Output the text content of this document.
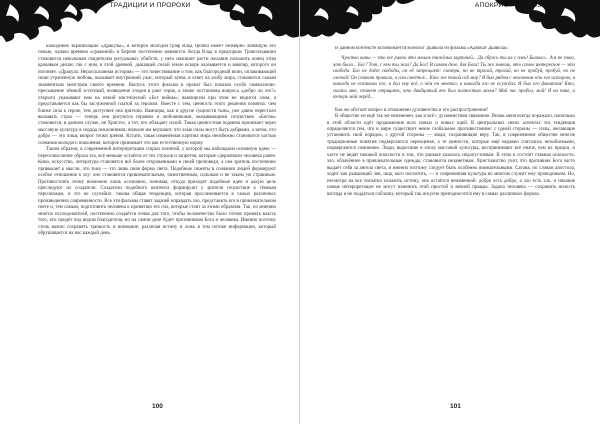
ТРАДИЦИИ И ПРОРОКИ

шокоднюю экранизацию «Дракулы», в которой молодой граф Влад Цепеш имеет безмерно любящую его семью, однако времена «сражений» в Европе постепенно меняются. Когда Влад в предгорьях Трансильвании становится невольным свидетелем ритуальных убийств, у него начинает расти желание положить конец этим кровавым делам; так с ним, в этой древней, дышащей силой земле вскоре оказывается и вампир, которого он изгоняет. «Дракула: Нерассказанная история» — это повествование о том, как благородный воин, оплакивающий свою утраченную любовь, вызывает внутренний ужас, который затем, в ответ на злобу мира, становится самым знаменитым монстром своего времени. Выпуск этого фильма в прокат был показан особо символично: пресыщение тёмной эстетикой, возведение злодея в ранг героя, а также постановка вопроса «добро ли это?» открыто указывают нам на некий мистический «Бог войны»; вампиризм при этом не видится злом, а представляется как бы заслуженной платой за героизм. Вместе с тем, ценность этого решения понятна: чем ближе сила к герою, тем доступнее она зрителю. Вампиры, как и другие сущности тьмы, уже давно перестали вызывать страх — теперь они рисуются героями и любовниками, вызывающими сочувствие. «Богом» становится, в данном случае, не Христос, а тот, кто обладает силой. Такая ценностная подмена проникает через массовую культуру в сердца поклонников; вначале им внушают, что злые силы могут быть добрыми, а затем, что добро — это лишь вопрос точки зрения. Кстати, такая изменённая картина мира неизбежно становится частью сознания молодого поколения, которое принимает это как естественную норму.

Таким образом, в современной интерпретации старых понятий, у которой мы наблюдаем основную идею — переосмысление образа зла, всё меньше остаётся от тех страхов и запретов, которые сдерживали человека ранее. Кино, искусство, литература становятся всё более откровенными в своей проповеди, а сам зритель постепенно привыкает к мысли, что тьма — это лишь иная форма света. Подобные сюжеты в сознании людей формируют особое отношение к злу: оно становится привлекательным, таинственным, сильным и не таким уж страшным. Противостоять этому возможно лишь осознанно, понимая, откуда приходят подобные идеи и какую цель преследуют их создатели. Создатели подобного контента формируют у зрителя сочувствие к тёмным персонажам, и это не случайно: такова общая тенденция, которая прослеживается в самых различных произведениях современности. Все эти фильмы ставят задачей оправдать зло, представить его в привлекательном свете и, тем самым, подготовить человека к принятию тех сил, которые стоят за этими образами. Так, по мнению многих исследователей, постепенно создаётся почва для того, чтобы человечество было готово принять власть того, кто придёт под видом благодетеля, но на самом деле будет противником Бога и человека. Именно поэтому столь важно сохранять трезвость и внимание, различая истину и ложь в том потоке информации, который обрушивается на нас каждый день.

100
АПОКРИФ • №3 • 03.2017 (Ж.2 кл.)

В данном контексте вспоминается монолог Дьявола из фильма «Адвокат Дьявола»:

Чувство вины — это все равно что мешок тяжёлых кирпичей... Да сбрось ты их с плеч! Бывало... А я не знаю, что было... Бог? Тот, с кем ты жил? Да Бог! В самом деле, для Бога! Ты же знаешь, что самое интересное — это свобода. Бог не даёт свободы, он её запрещает: смотри, но не трогай, трогай, но не пробуй, пробуй, но не глотай! Он ставит правила, а сам смеётся... Кто же такой сей мир? Я был рядом с человеком всю его историю, я никогда не оставлял его; я дал ему всё, о чём он мечтал, и никогда его не осуждал. Я был его фанатом! Кто, скажи мне, станет отрицать, что двадцатый век был полностью моим? Мой час пробил, мой! Я на пике, и теперь мой черёд...

Как же обстоит вопрос в отношении духовенства и его распространения?

В обществе он ещё так же неизменен, как и всё с духовенством связанное. Вновь меня всегда поражало, насколько в этой области идёт продвижение всех новых и новых идей. В центральных своих аспектах эта тенденция определяется тем, что в мире существует некое глобальное противостояние: с одной стороны — силы, желающие установить свой порядок, с другой стороны — люди, сохраняющие веру. Так, в современном обществе многие традиционные понятия подвергаются переоценке, а те ценности, которые ещё недавно считались незыблемыми, подвергаются сомнению. Люди, выросшие в эпоху массовой культуры, воспринимают всё иначе, чем их предки, и часто не видят никакой опасности в том, что раньше казалось недопустимым. В этом и состоит главная опасность: зло, облачённое в привлекательные одежды, становится незаметным. Христианство учит, что противник Бога часто выдаёт себя за ангела света, и именно поэтому следует быть особенно внимательными. Сатана, по словам апостола, ходит как рыкающий лев, ища, кого поглотить, — и современная культура во многом служит ему проводником. Но, несмотря на все попытки исказить истину, она остаётся неизменной: добро есть добро, а зло есть зло, и никакие новые интерпретации не могут изменить этой простой и вечной правды. Задача человека — сохранить ясность взгляда и не поддаться соблазну, который так искусно преподносится ему в самых различных формах.

101
